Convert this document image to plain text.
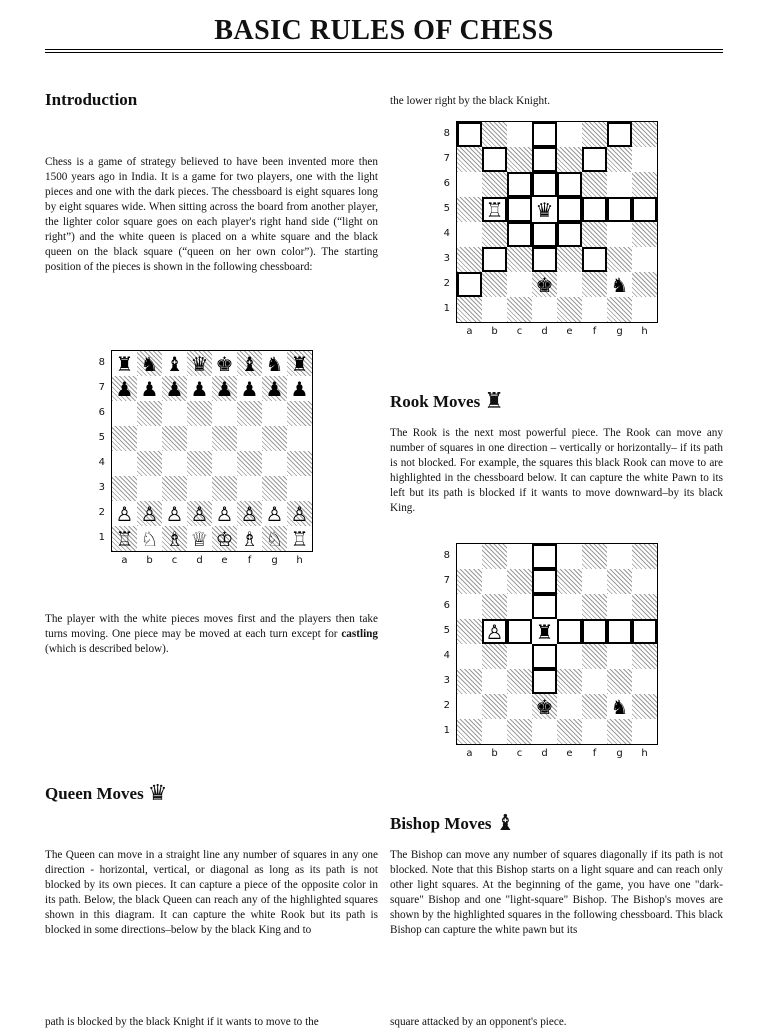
BASIC RULES OF CHESS
Introduction

Chess is a game of strategy believed to have been invented more then 1500 years ago in India. It is a game for two players, one with the light pieces and one with the dark pieces. The chessboard is eight squares long by eight squares wide. When sitting across the board from another player, the lighter color square goes on each player's right hand side (“light on right”) and the white queen is placed on a white square and the black queen on the black square (“queen on her own color”). The starting position of the pieces is shown in the following chessboard:

♜ ♞ ♝ ♛ ♚ ♝ ♞ ♜
♟ ♟ ♟ ♟ ♟ ♟ ♟ ♟
♙ ♙ ♙ ♙ ♙ ♙ ♙ ♙
♖ ♘ ♗ ♕ ♔ ♗ ♘ ♖
8
7
6
5
4
3
2
1
a	b	c	d	e	f	g	h

The player with the white pieces moves first and the players then take turns moving. One piece may be moved at each turn except for castling (which is described below).

Queen Moves ♛

The Queen can move in a straight line any number of squares in any one direction - horizontal, vertical, or diagonal as long as its path is not blocked by its own pieces. It can capture a piece of the opposite color in its path. Below, the black Queen can reach any of the highlighted squares shown in this diagram. It can capture the white Rook but its path is blocked in some directions–below by the black King and to

path is blocked by the black Knight if it wants to move to the

the lower right by the black Knight.

♖ ♛
♚	♞
8
7
6
5
4
3
2
1
a	b	c	d	e	f	g	h
Rook Moves ♜

The Rook is the next most powerful piece. The Rook can move any number of squares in one direction – vertically or horizontally– if its path is not blocked. For example, the squares this black Rook can move to are highlighted in the chessboard below. It can capture the white Pawn to its left but its path is blocked if it wants to move downward–by its black King.

♙ ♜
♚	♞
8
7
6
5
4
3
2
1
a	b	c	d	e	f	g	h
Bishop Moves ♝

The Bishop can move any number of squares diagonally if its path is not blocked. Note that this Bishop starts on a light square and can reach only other light squares. At the beginning of the game, you have one "dark-square" Bishop and one "light-square" Bishop. The Bishop's moves are shown by the highlighted squares in the following chessboard. This black Bishop can capture the white pawn but its

square attacked by an opponent's piece.
